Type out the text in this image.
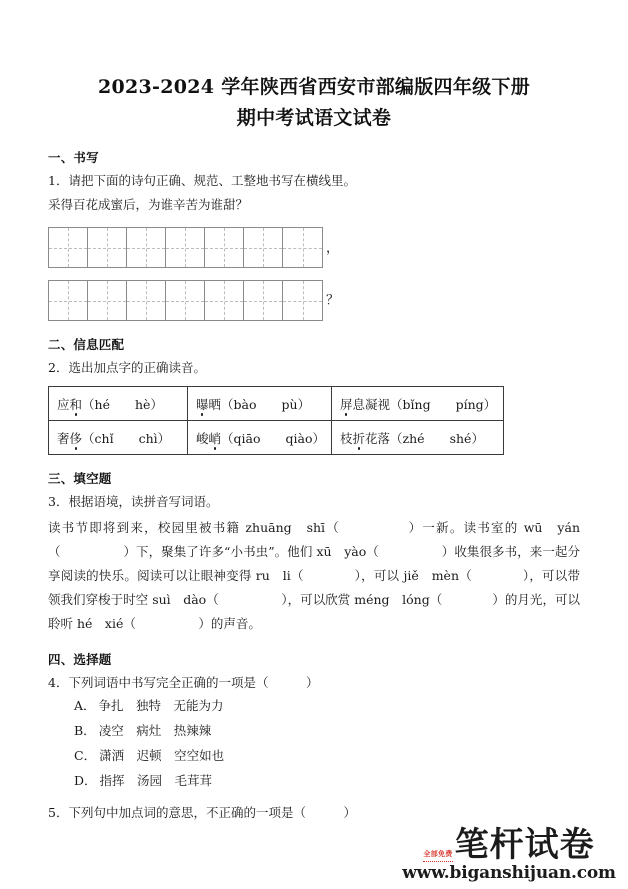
2023-2024 学年陕西省西安市部编版四年级下册
期中考试语文试卷
一、书写
1．请把下面的诗句正确、规范、工整地书写在横线里。
采得百花成蜜后，为谁辛苦为谁甜？
，
？
二、信息匹配
2．选出加点字的正确读音。
应和（hé　　hè）	曝晒（bào　　pù）	屏息凝视（bǐng　　píng）
奢侈（chǐ　　chì）	峻峭（qiāo　　qiào）	枝折花落（zhé　　shé）
三、填空题
3．根据语境，读拼音写词语。
读书节即将到来，校园里被书籍 zhuāng　shī（　　　　　）一新。读书室的 wū　yán（　　　　　）下，聚集了许多“小书虫”。他们 xū　yào（　　　　　）收集很多书，来一起分享阅读的快乐。阅读可以让眼神变得 ru　li（　　　　），可以 jiě　mèn（　　　　），可以带领我们穿梭于时空 suì　dào（　　　　　），可以欣赏 méng　lóng（　　　　）的月光，可以聆听 hé　xié（　　　　　）的声音。
四、选择题
4．下列词语中书写完全正确的一项是（　　　）
A． 争扎　独特　无能为力
B． 凌空　病灶　热辣辣
C． 潇洒　迟顿　空空如也
D． 指挥　汤园　毛茸茸
5．下列句中加点词的意思，不正确的一项是（　　　）
全部免费 笔杆试卷
www.biganshijuan.com
